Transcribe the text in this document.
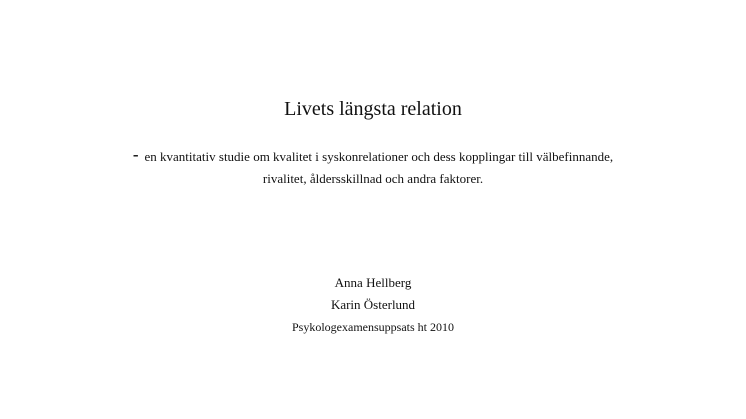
Livets längsta relation
- en kvantitativ studie om kvalitet i syskonrelationer och dess kopplingar till välbefinnande,
rivalitet, åldersskillnad och andra faktorer.
Anna Hellberg
Karin Österlund
Psykologexamensuppsats ht 2010
